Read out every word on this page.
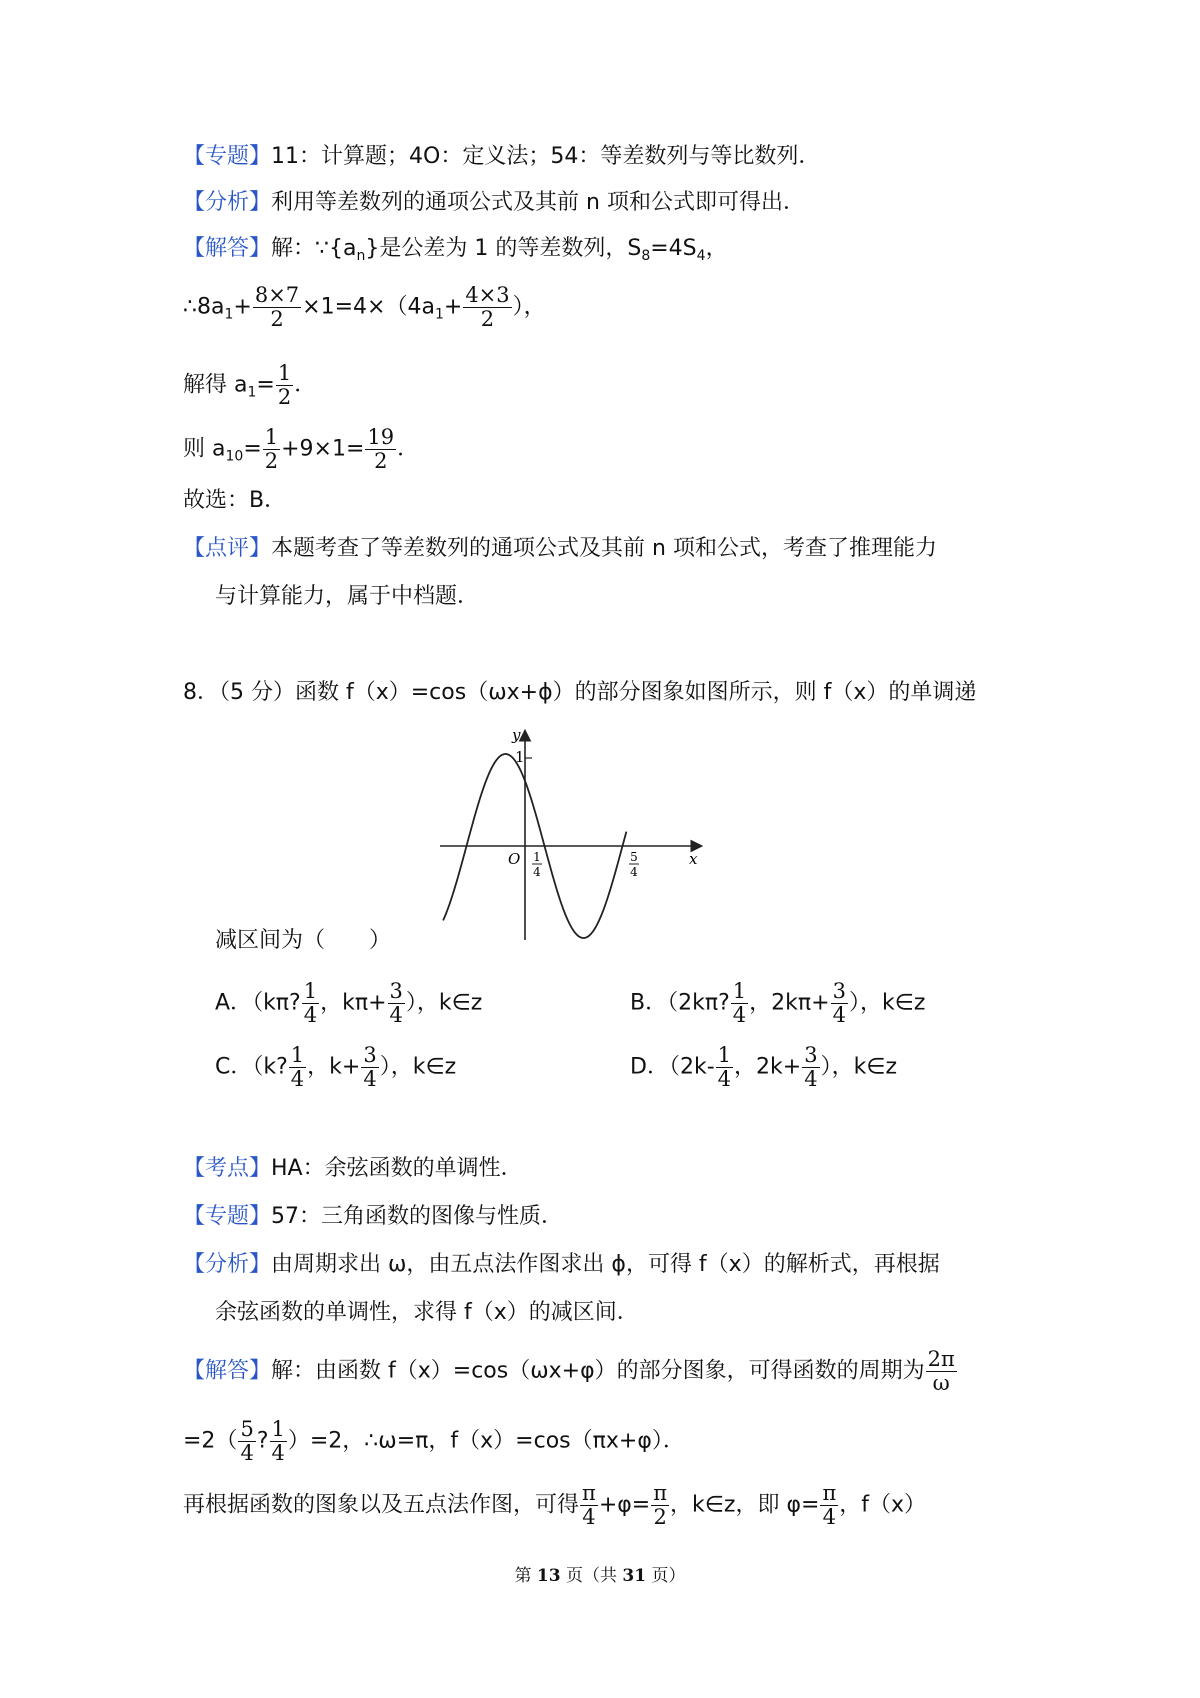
【专题】11：计算题；4O：定义法；54：等差数列与等比数列．
【分析】利用等差数列的通项公式及其前 n 项和公式即可得出．
【解答】解：$\because\{a_n\}$是公差为 1 的等差数列，$S_8=4S_4$，
$\therefore 8a_1+ \frac{8\times 7}{2} \times 1=4\times(4a_1+ \frac{4\times 3}{2}$ ），
解得 $a_1= \frac{1}{2}$ ．
则 $a_{10}= \frac{1}{2} +9\times 1= \frac{19}{2}$ ．
故选：B．
【点评】本题考查了等差数列的通项公式及其前 n 项和公式，考查了推理能力
与计算能力，属于中档题．
8．（5 分）函数 f（x）=cos（ωx+ϕ）的部分图象如图所示，则 f（x）的单调递
y
1
O	x
1
4
5
4
减区间为（　　）
A．（kπ? $\frac{1}{4}$ ，$k\pi+ \frac{3}{4}$ ），k∈z	B．（2kπ? $\frac{1}{4}$ ，$2k\pi+ \frac{3}{4}$ ），k∈z
C．（k? $\frac{1}{4}$ ，$k+ \frac{3}{4}$ ），k∈z	D．（$2k- \frac{1}{4}$ ，$2k+ \frac{3}{4}$ ），k∈z
【考点】HA：余弦函数的单调性．
【专题】57：三角函数的图像与性质．
【分析】由周期求出 ω，由五点法作图求出 ϕ，可得 f（x）的解析式，再根据
余弦函数的单调性，求得 f（x）的减区间．
【解答】解：由函数 f（x）=cos（ωx+φ）的部分图象，可得函数的周期为 $\frac{2\pi}{\omega}$
$=2( \frac{5}{4}$ ? $\frac{1}{4} )=2$，∴ω=π，f（x）=cos（πx+φ）．
再根据函数的图象以及五点法作图，可得 $\frac{\pi}{4} +\varphi= \frac{\pi}{2}$ ，k∈z，即 $\varphi= \frac{\pi}{4}$ ，f（x）
第 13 页（共 31 页）
